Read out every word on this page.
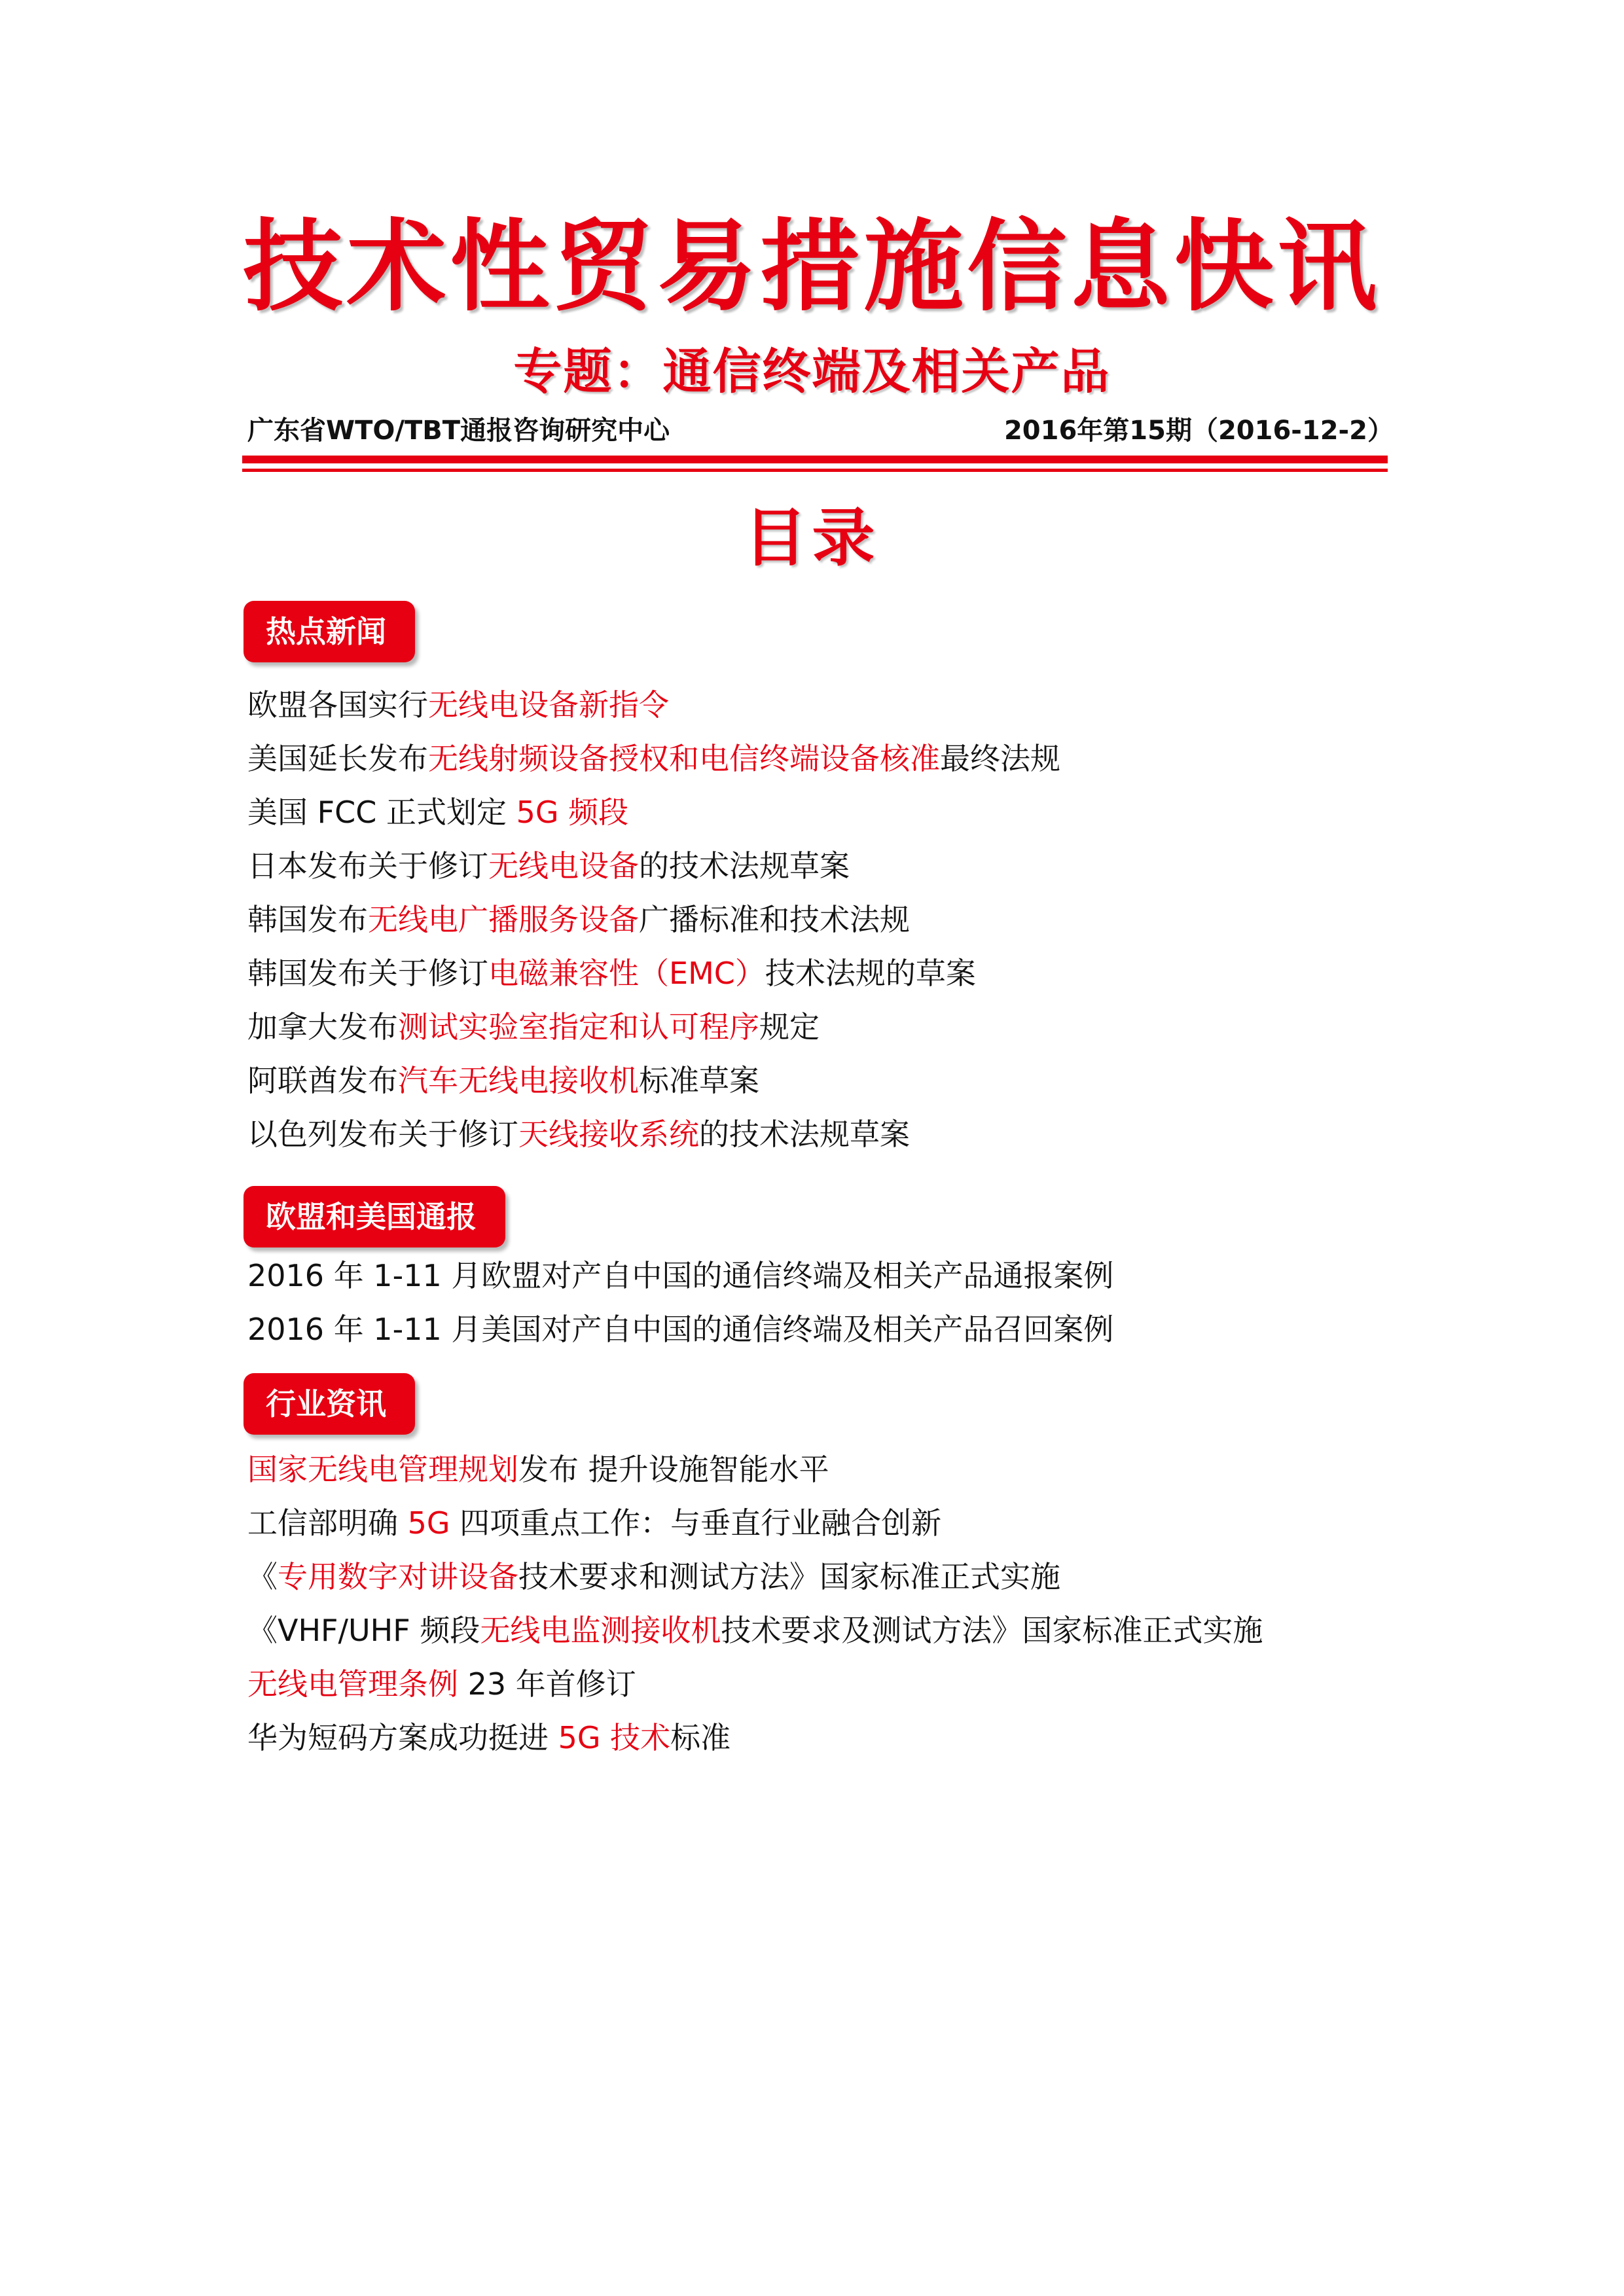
技术性贸易措施信息快讯
专题：通信终端及相关产品
广东省WTO/TBT通报咨询研究中心	2016年第15期（2016-12-2）
目录
热点新闻
欧盟各国实行无线电设备新指令
美国延长发布无线射频设备授权和电信终端设备核准最终法规
美国 FCC 正式划定 5G 频段
日本发布关于修订无线电设备的技术法规草案
韩国发布无线电广播服务设备广播标准和技术法规
韩国发布关于修订电磁兼容性（EMC）技术法规的草案
加拿大发布测试实验室指定和认可程序规定
阿联酋发布汽车无线电接收机标准草案
以色列发布关于修订天线接收系统的技术法规草案
欧盟和美国通报
2016 年 1-11 月欧盟对产自中国的通信终端及相关产品通报案例
2016 年 1-11 月美国对产自中国的通信终端及相关产品召回案例
行业资讯
国家无线电管理规划发布 提升设施智能水平
工信部明确 5G 四项重点工作：与垂直行业融合创新
《专用数字对讲设备技术要求和测试方法》国家标准正式实施
《VHF/UHF 频段无线电监测接收机技术要求及测试方法》国家标准正式实施
无线电管理条例 23 年首修订
华为短码方案成功挺进 5G 技术标准
